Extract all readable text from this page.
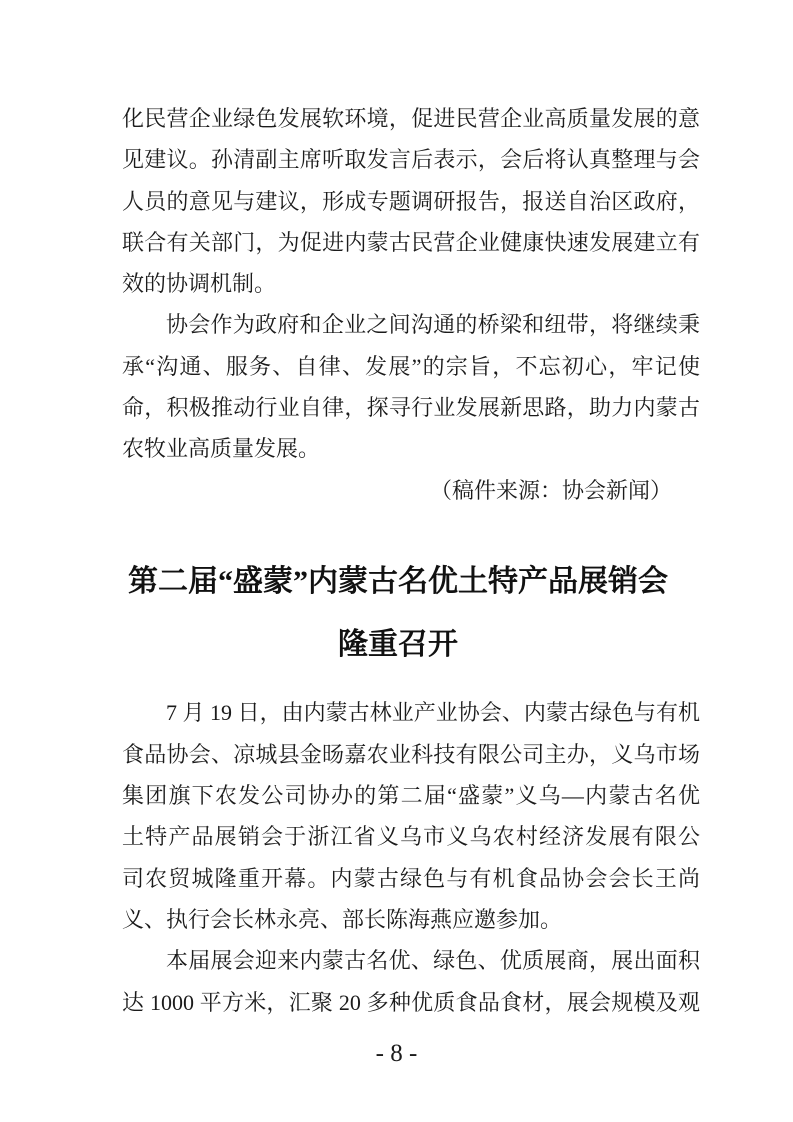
化民营企业绿色发展软环境，促进民营企业高质量发展的意
见建议。孙清副主席听取发言后表示，会后将认真整理与会
人员的意见与建议，形成专题调研报告，报送自治区政府，
联合有关部门，为促进内蒙古民营企业健康快速发展建立有
效的协调机制。
协会作为政府和企业之间沟通的桥梁和纽带，将继续秉
承“沟通、服务、自律、发展”的宗旨，不忘初心，牢记使
命，积极推动行业自律，探寻行业发展新思路，助力内蒙古
农牧业高质量发展。
（稿件来源：协会新闻）
第二届“盛蒙”内蒙古名优土特产品展销会
隆重召开
7 月 19 日，由内蒙古林业产业协会、内蒙古绿色与有机
食品协会、凉城县金旸嘉农业科技有限公司主办，义乌市场
集团旗下农发公司协办的第二届“盛蒙”义乌—内蒙古名优
土特产品展销会于浙江省义乌市义乌农村经济发展有限公
司农贸城隆重开幕。内蒙古绿色与有机食品协会会长王尚
义、执行会长林永亮、部长陈海燕应邀参加。
本届展会迎来内蒙古名优、绿色、优质展商，展出面积
达 1000 平方米，汇聚 20 多种优质食品食材，展会规模及观
- 8 -
